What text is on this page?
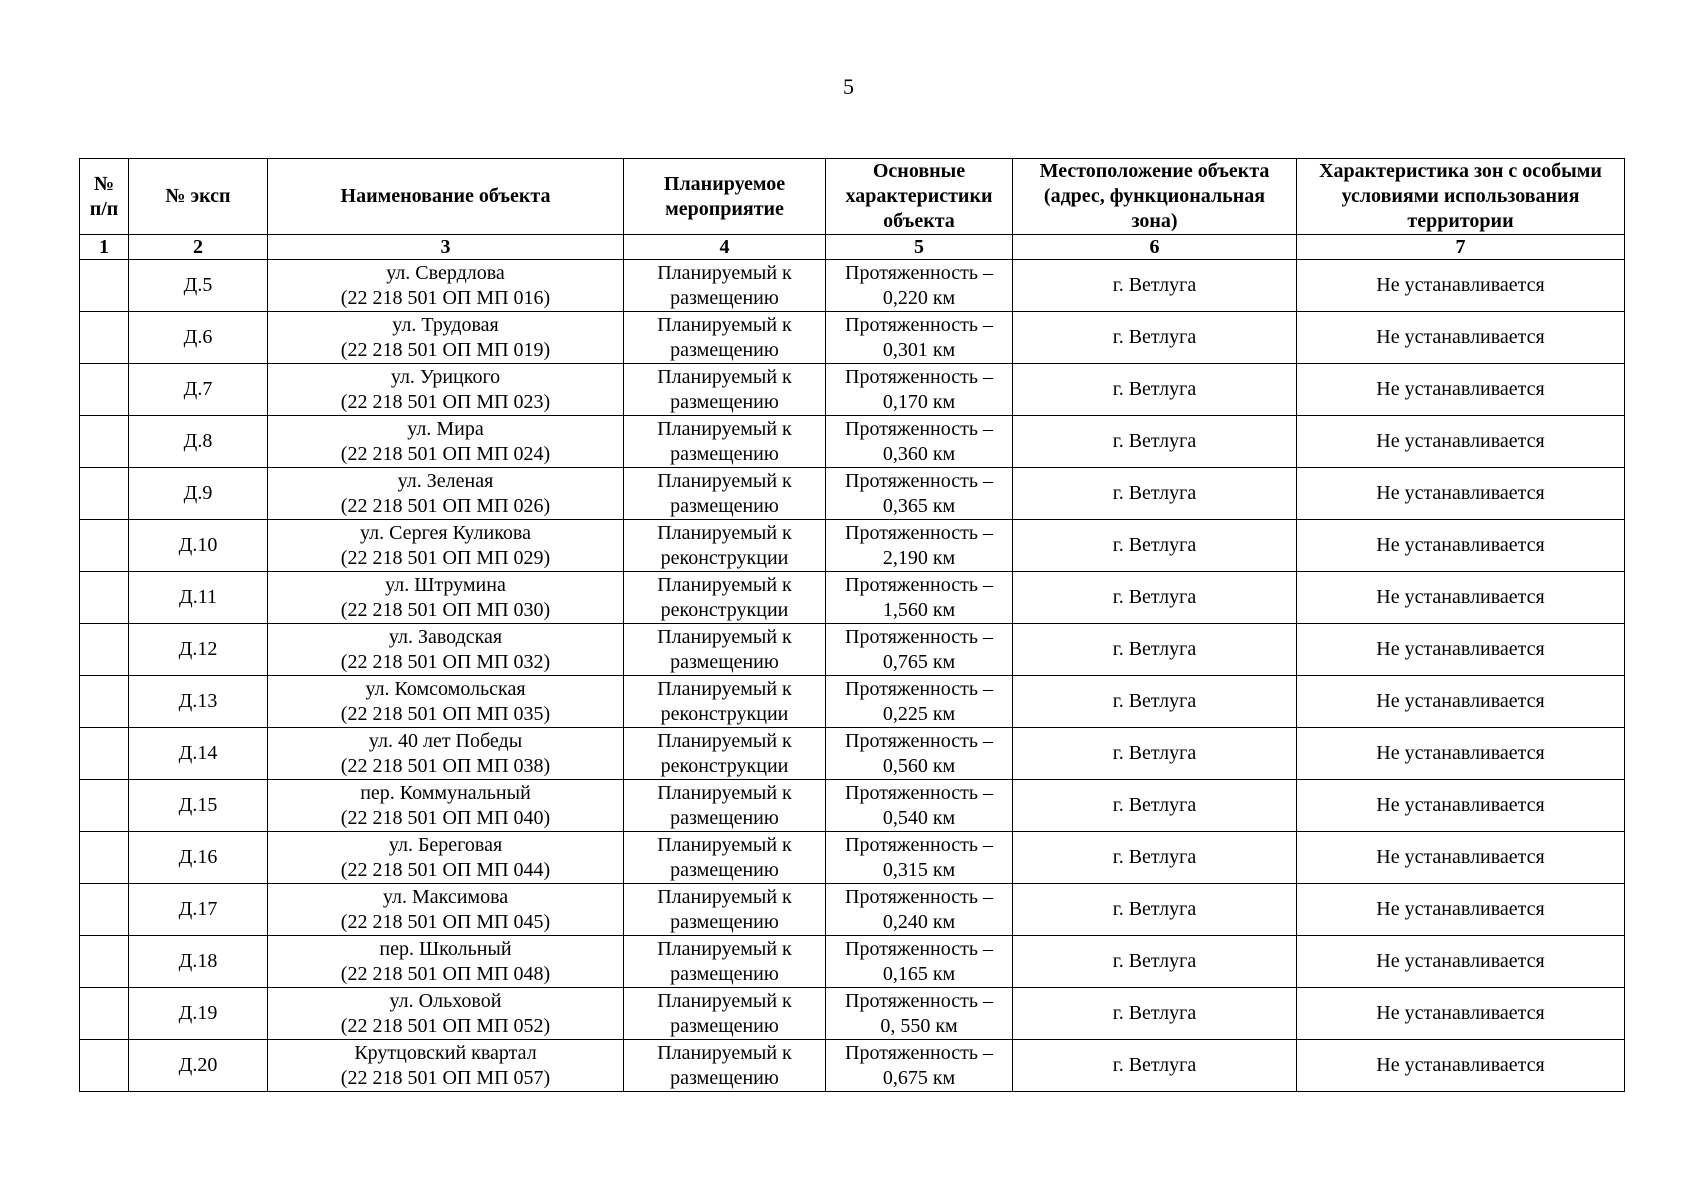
5
№
п/п	№ эксп	Наименование объекта	Планируемое
мероприятие	Основные
характеристики
объекта	Местоположение объекта
(адрес, функциональная
зона)	Характеристика зон с особыми
условиями использования
территории

1	2	3	4	5	6	7
	Д.5	ул. Свердлова
(22 218 501 ОП МП 016)	Планируемый к
размещению	Протяженность –
0,220 км	г. Ветлуга	Не устанавливается
	Д.6	ул. Трудовая
(22 218 501 ОП МП 019)	Планируемый к
размещению	Протяженность –
0,301 км	г. Ветлуга	Не устанавливается
	Д.7	ул. Урицкого
(22 218 501 ОП МП 023)	Планируемый к
размещению	Протяженность –
0,170 км	г. Ветлуга	Не устанавливается
	Д.8	ул. Мира
(22 218 501 ОП МП 024)	Планируемый к
размещению	Протяженность –
0,360 км	г. Ветлуга	Не устанавливается
	Д.9	ул. Зеленая
(22 218 501 ОП МП 026)	Планируемый к
размещению	Протяженность –
0,365 км	г. Ветлуга	Не устанавливается
	Д.10	ул. Сергея Куликова
(22 218 501 ОП МП 029)	Планируемый к
реконструкции	Протяженность –
2,190 км	г. Ветлуга	Не устанавливается
	Д.11	ул. Штрумина
(22 218 501 ОП МП 030)	Планируемый к
реконструкции	Протяженность –
1,560 км	г. Ветлуга	Не устанавливается
	Д.12	ул. Заводская
(22 218 501 ОП МП 032)	Планируемый к
размещению	Протяженность –
0,765 км	г. Ветлуга	Не устанавливается
	Д.13	ул. Комсомольская
(22 218 501 ОП МП 035)	Планируемый к
реконструкции	Протяженность –
0,225 км	г. Ветлуга	Не устанавливается
	Д.14	ул. 40 лет Победы
(22 218 501 ОП МП 038)	Планируемый к
реконструкции	Протяженность –
0,560 км	г. Ветлуга	Не устанавливается
	Д.15	пер. Коммунальный
(22 218 501 ОП МП 040)	Планируемый к
размещению	Протяженность –
0,540 км	г. Ветлуга	Не устанавливается
	Д.16	ул. Береговая
(22 218 501 ОП МП 044)	Планируемый к
размещению	Протяженность –
0,315 км	г. Ветлуга	Не устанавливается
	Д.17	ул. Максимова
(22 218 501 ОП МП 045)	Планируемый к
размещению	Протяженность –
0,240 км	г. Ветлуга	Не устанавливается
	Д.18	пер. Школьный
(22 218 501 ОП МП 048)	Планируемый к
размещению	Протяженность –
0,165 км	г. Ветлуга	Не устанавливается
	Д.19	ул. Ольховой
(22 218 501 ОП МП 052)	Планируемый к
размещению	Протяженность –
0, 550 км	г. Ветлуга	Не устанавливается
	Д.20	Крутцовский квартал
(22 218 501 ОП МП 057)	Планируемый к
размещению	Протяженность –
0,675 км	г. Ветлуга	Не устанавливается
